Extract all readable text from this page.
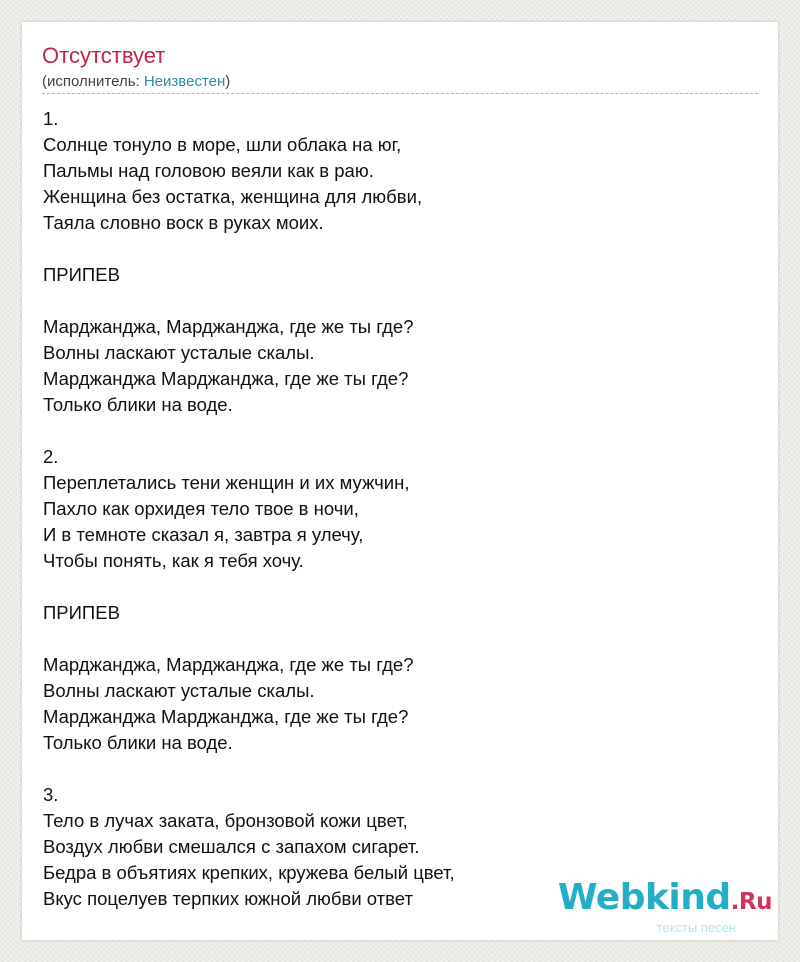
Отсутствует
(исполнитель: Неизвестен)
1.
Солнце тонуло в море, шли облака на юг,
Пальмы над головою веяли как в раю.
Женщина без остатка, женщина для любви,
Таяла словно воск в руках моих.
ПРИПЕВ
Марджанджа, Марджанджа, где же ты где?
Волны ласкают усталые скалы.
Марджанджа Марджанджа, где же ты где?
Только блики на воде.
2.
Переплетались тени женщин и их мужчин,
Пахло как орхидея тело твое в ночи,
И в темноте сказал я, завтра я улечу,
Чтобы понять, как я тебя хочу.
ПРИПЕВ
Марджанджа, Марджанджа, где же ты где?
Волны ласкают усталые скалы.
Марджанджа Марджанджа, где же ты где?
Только блики на воде.
3.
Тело в лучах заката, бронзовой кожи цвет,
Воздух любви смешался с запахом сигарет.
Бедра в объятиях крепких, кружева белый цвет,
Вкус поцелуев терпких южной любви ответ	Webkind.Ru
тексты песен
